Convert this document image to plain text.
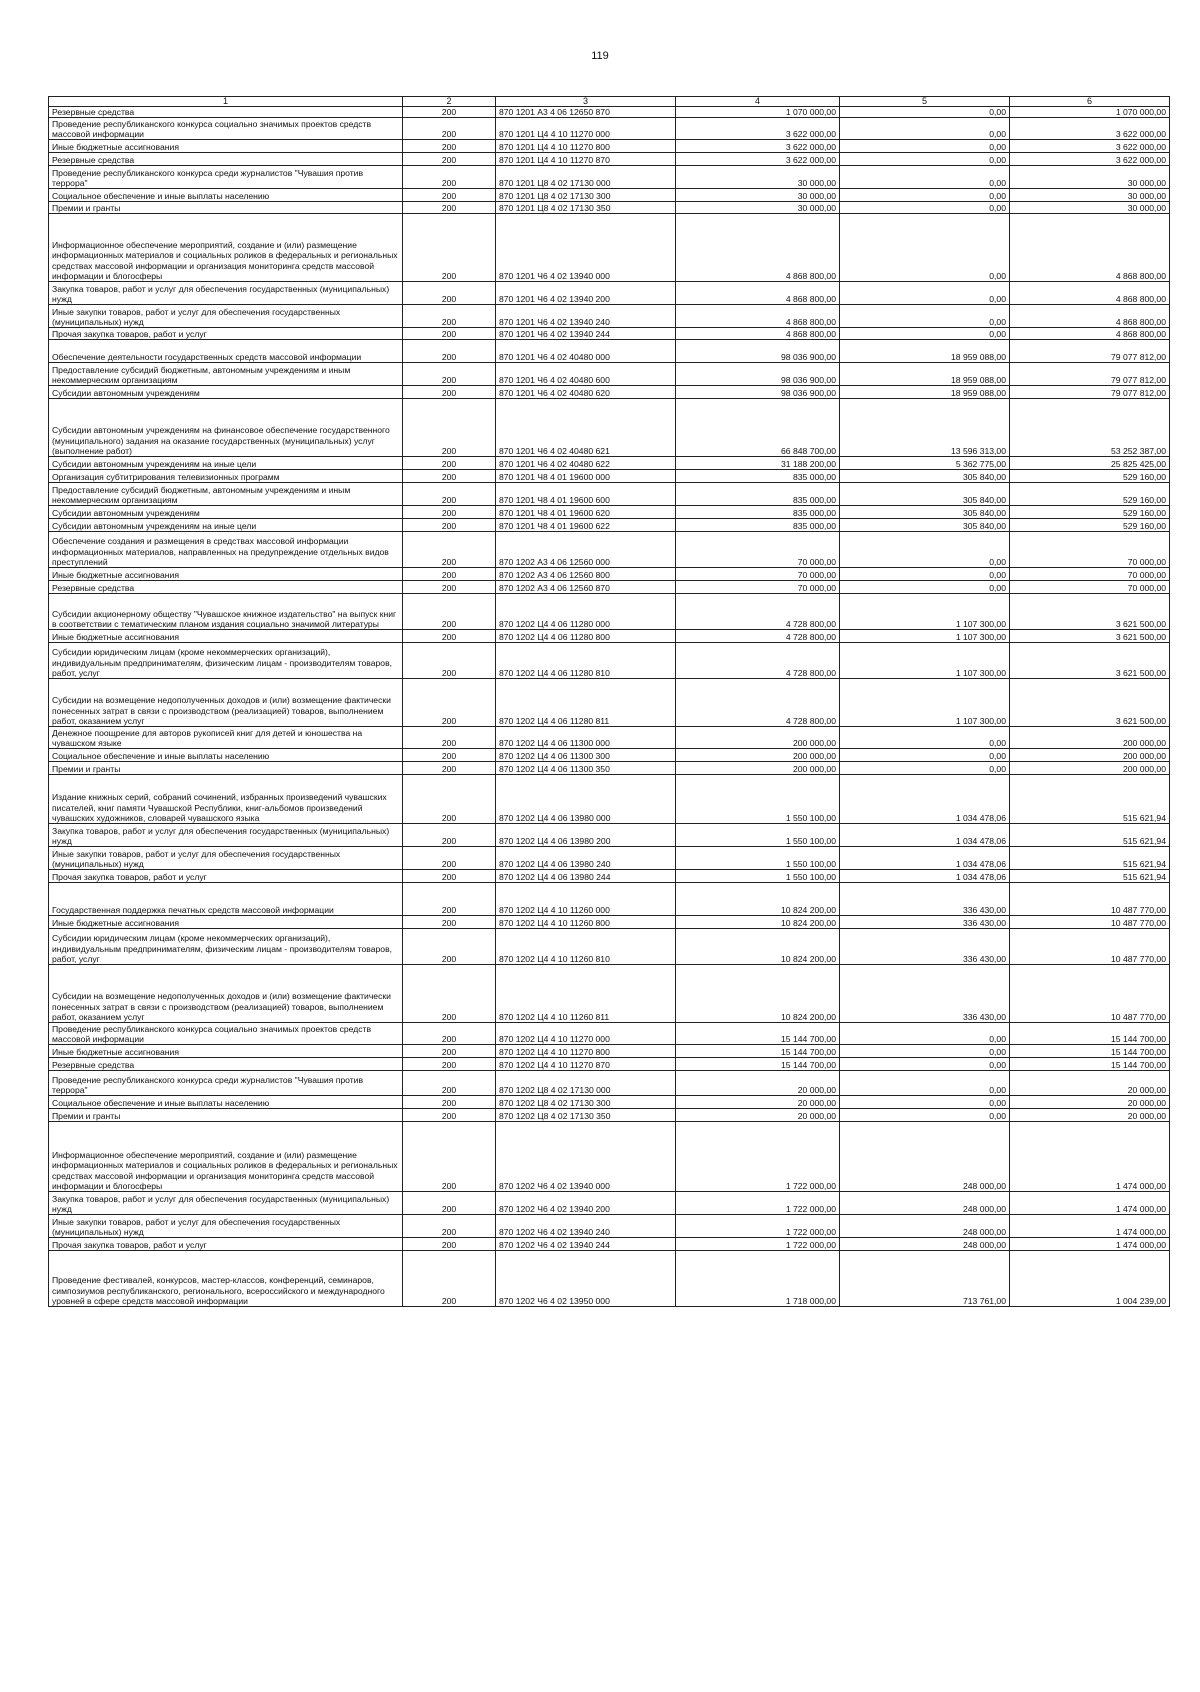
119
1	2	3	4	5	6
Резервные средства	200	870 1201 А3 4 06 12650 870	1 070 000,00	0,00	1 070 000,00
Проведение республиканского конкурса социально значимых проектов средств массовой информации	200	870 1201 Ц4 4 10 11270 000	3 622 000,00	0,00	3 622 000,00
Иные бюджетные ассигнования	200	870 1201 Ц4 4 10 11270 800	3 622 000,00	0,00	3 622 000,00
Резервные средства	200	870 1201 Ц4 4 10 11270 870	3 622 000,00	0,00	3 622 000,00
Проведение республиканского конкурса среди журналистов "Чувашия против террора"	200	870 1201 Ц8 4 02 17130 000	30 000,00	0,00	30 000,00
Социальное обеспечение и иные выплаты населению	200	870 1201 Ц8 4 02 17130 300	30 000,00	0,00	30 000,00
Премии и гранты	200	870 1201 Ц8 4 02 17130 350	30 000,00	0,00	30 000,00
Информационное обеспечение мероприятий, создание и (или) размещение информационных материалов и социальных роликов в федеральных и региональных средствах массовой информации и организация мониторинга средств массовой информации и блогосферы	200	870 1201 Ч6 4 02 13940 000	4 868 800,00	0,00	4 868 800,00
Закупка товаров, работ и услуг для обеспечения государственных (муниципальных) нужд	200	870 1201 Ч6 4 02 13940 200	4 868 800,00	0,00	4 868 800,00
Иные закупки товаров, работ и услуг для обеспечения государственных (муниципальных) нужд	200	870 1201 Ч6 4 02 13940 240	4 868 800,00	0,00	4 868 800,00
Прочая закупка товаров, работ и услуг	200	870 1201 Ч6 4 02 13940 244	4 868 800,00	0,00	4 868 800,00
Обеспечение деятельности государственных средств массовой информации	200	870 1201 Ч6 4 02 40480 000	98 036 900,00	18 959 088,00	79 077 812,00
Предоставление субсидий бюджетным, автономным учреждениям и иным некоммерческим организациям	200	870 1201 Ч6 4 02 40480 600	98 036 900,00	18 959 088,00	79 077 812,00
Субсидии автономным учреждениям	200	870 1201 Ч6 4 02 40480 620	98 036 900,00	18 959 088,00	79 077 812,00
Субсидии автономным учреждениям на финансовое обеспечение государственного (муниципального) задания на оказание государственных (муниципальных) услуг (выполнение работ)	200	870 1201 Ч6 4 02 40480 621	66 848 700,00	13 596 313,00	53 252 387,00
Субсидии автономным учреждениям на иные цели	200	870 1201 Ч6 4 02 40480 622	31 188 200,00	5 362 775,00	25 825 425,00
Организация субтитрирования телевизионных программ	200	870 1201 Ч8 4 01 19600 000	835 000,00	305 840,00	529 160,00
Предоставление субсидий бюджетным, автономным учреждениям и иным некоммерческим организациям	200	870 1201 Ч8 4 01 19600 600	835 000,00	305 840,00	529 160,00
Субсидии автономным учреждениям	200	870 1201 Ч8 4 01 19600 620	835 000,00	305 840,00	529 160,00
Субсидии автономным учреждениям на иные цели	200	870 1201 Ч8 4 01 19600 622	835 000,00	305 840,00	529 160,00
Обеспечение создания и размещения в средствах массовой информации информационных материалов, направленных на предупреждение отдельных видов преступлений	200	870 1202 А3 4 06 12560 000	70 000,00	0,00	70 000,00
Иные бюджетные ассигнования	200	870 1202 А3 4 06 12560 800	70 000,00	0,00	70 000,00
Резервные средства	200	870 1202 А3 4 06 12560 870	70 000,00	0,00	70 000,00
Субсидии акционерному обществу "Чувашское книжное издательство" на выпуск книг в соответствии с тематическим планом издания социально значимой литературы	200	870 1202 Ц4 4 06 11280 000	4 728 800,00	1 107 300,00	3 621 500,00
Иные бюджетные ассигнования	200	870 1202 Ц4 4 06 11280 800	4 728 800,00	1 107 300,00	3 621 500,00
Субсидии юридическим лицам (кроме некоммерческих организаций), индивидуальным предпринимателям, физическим лицам - производителям товаров, работ, услуг	200	870 1202 Ц4 4 06 11280 810	4 728 800,00	1 107 300,00	3 621 500,00
Субсидии на возмещение недополученных доходов и (или) возмещение фактически понесенных затрат в связи с производством (реализацией) товаров, выполнением работ, оказанием услуг	200	870 1202 Ц4 4 06 11280 811	4 728 800,00	1 107 300,00	3 621 500,00
Денежное поощрение для авторов рукописей книг для детей и юношества на чувашском языке	200	870 1202 Ц4 4 06 11300 000	200 000,00	0,00	200 000,00
Социальное обеспечение и иные выплаты населению	200	870 1202 Ц4 4 06 11300 300	200 000,00	0,00	200 000,00
Премии и гранты	200	870 1202 Ц4 4 06 11300 350	200 000,00	0,00	200 000,00
Издание книжных серий, собраний сочинений, избранных произведений чувашских писателей, книг памяти Чувашской Республики, книг-альбомов произведений чувашских художников, словарей чувашского языка	200	870 1202 Ц4 4 06 13980 000	1 550 100,00	1 034 478,06	515 621,94
Закупка товаров, работ и услуг для обеспечения государственных (муниципальных) нужд	200	870 1202 Ц4 4 06 13980 200	1 550 100,00	1 034 478,06	515 621,94
Иные закупки товаров, работ и услуг для обеспечения государственных (муниципальных) нужд	200	870 1202 Ц4 4 06 13980 240	1 550 100,00	1 034 478,06	515 621,94
Прочая закупка товаров, работ и услуг	200	870 1202 Ц4 4 06 13980 244	1 550 100,00	1 034 478,06	515 621,94
Государственная поддержка печатных средств массовой информации	200	870 1202 Ц4 4 10 11260 000	10 824 200,00	336 430,00	10 487 770,00
Иные бюджетные ассигнования	200	870 1202 Ц4 4 10 11260 800	10 824 200,00	336 430,00	10 487 770,00
Субсидии юридическим лицам (кроме некоммерческих организаций), индивидуальным предпринимателям, физическим лицам - производителям товаров, работ, услуг	200	870 1202 Ц4 4 10 11260 810	10 824 200,00	336 430,00	10 487 770,00
Субсидии на возмещение недополученных доходов и (или) возмещение фактически понесенных затрат в связи с производством (реализацией) товаров, выполнением работ, оказанием услуг	200	870 1202 Ц4 4 10 11260 811	10 824 200,00	336 430,00	10 487 770,00
Проведение республиканского конкурса социально значимых проектов средств массовой информации	200	870 1202 Ц4 4 10 11270 000	15 144 700,00	0,00	15 144 700,00
Иные бюджетные ассигнования	200	870 1202 Ц4 4 10 11270 800	15 144 700,00	0,00	15 144 700,00
Резервные средства	200	870 1202 Ц4 4 10 11270 870	15 144 700,00	0,00	15 144 700,00
Проведение республиканского конкурса среди журналистов "Чувашия против террора"	200	870 1202 Ц8 4 02 17130 000	20 000,00	0,00	20 000,00
Социальное обеспечение и иные выплаты населению	200	870 1202 Ц8 4 02 17130 300	20 000,00	0,00	20 000,00
Премии и гранты	200	870 1202 Ц8 4 02 17130 350	20 000,00	0,00	20 000,00
Информационное обеспечение мероприятий, создание и (или) размещение информационных материалов и социальных роликов в федеральных и региональных средствах массовой информации и организация мониторинга средств массовой информации и блогосферы	200	870 1202 Ч6 4 02 13940 000	1 722 000,00	248 000,00	1 474 000,00
Закупка товаров, работ и услуг для обеспечения государственных (муниципальных) нужд	200	870 1202 Ч6 4 02 13940 200	1 722 000,00	248 000,00	1 474 000,00
Иные закупки товаров, работ и услуг для обеспечения государственных (муниципальных) нужд	200	870 1202 Ч6 4 02 13940 240	1 722 000,00	248 000,00	1 474 000,00
Прочая закупка товаров, работ и услуг	200	870 1202 Ч6 4 02 13940 244	1 722 000,00	248 000,00	1 474 000,00
Проведение фестивалей, конкурсов, мастер-классов, конференций, семинаров, симпозиумов республиканского, регионального, всероссийского и международного уровней в сфере средств массовой информации	200	870 1202 Ч6 4 02 13950 000	1 718 000,00	713 761,00	1 004 239,00
